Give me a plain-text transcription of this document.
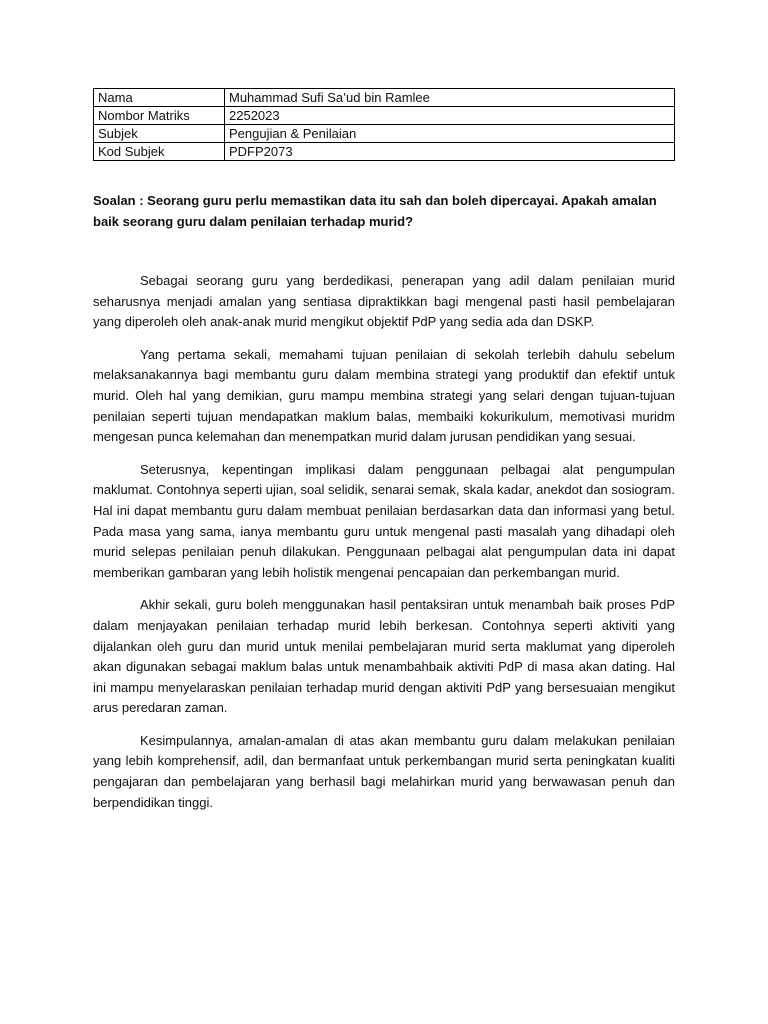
Nama	Muhammad Sufi Sa’ud bin Ramlee
Nombor Matriks	2252023
Subjek	Pengujian & Penilaian
Kod Subjek	PDFP2073

Soalan : Seorang guru perlu memastikan data itu sah dan boleh dipercayai. Apakah amalan baik seorang guru dalam penilaian terhadap murid?

Sebagai seorang guru yang berdedikasi, penerapan yang adil dalam penilaian murid seharusnya menjadi amalan yang sentiasa dipraktikkan bagi mengenal pasti hasil pembelajaran yang diperoleh oleh anak-anak murid mengikut objektif PdP yang sedia ada dan DSKP.

Yang pertama sekali, memahami tujuan penilaian di sekolah terlebih dahulu sebelum melaksanakannya bagi membantu guru dalam membina strategi yang produktif dan efektif untuk murid. Oleh hal yang demikian, guru mampu membina strategi yang selari dengan tujuan-tujuan penilaian seperti tujuan mendapatkan maklum balas, membaiki kokurikulum, memotivasi muridm mengesan punca kelemahan dan menempatkan murid dalam jurusan pendidikan yang sesuai.

Seterusnya, kepentingan implikasi dalam penggunaan pelbagai alat pengumpulan maklumat. Contohnya seperti ujian, soal selidik, senarai semak, skala kadar, anekdot dan sosiogram. Hal ini dapat membantu guru dalam membuat penilaian berdasarkan data dan informasi yang betul. Pada masa yang sama, ianya membantu guru untuk mengenal pasti masalah yang dihadapi oleh murid selepas penilaian penuh dilakukan. Penggunaan pelbagai alat pengumpulan data ini dapat memberikan gambaran yang lebih holistik mengenai pencapaian dan perkembangan murid.

Akhir sekali, guru boleh menggunakan hasil pentaksiran untuk menambah baik proses PdP dalam menjayakan penilaian terhadap murid lebih berkesan. Contohnya seperti aktiviti yang dijalankan oleh guru dan murid untuk menilai pembelajaran murid serta maklumat yang diperoleh akan digunakan sebagai maklum balas untuk menambahbaik aktiviti PdP di masa akan dating. Hal ini mampu menyelaraskan penilaian terhadap murid dengan aktiviti PdP yang bersesuaian mengikut arus peredaran zaman.

Kesimpulannya, amalan-amalan di atas akan membantu guru dalam melakukan penilaian yang lebih komprehensif, adil, dan bermanfaat untuk perkembangan murid serta peningkatan kualiti pengajaran dan pembelajaran yang berhasil bagi melahirkan murid yang berwawasan penuh dan berpendidikan tinggi.
